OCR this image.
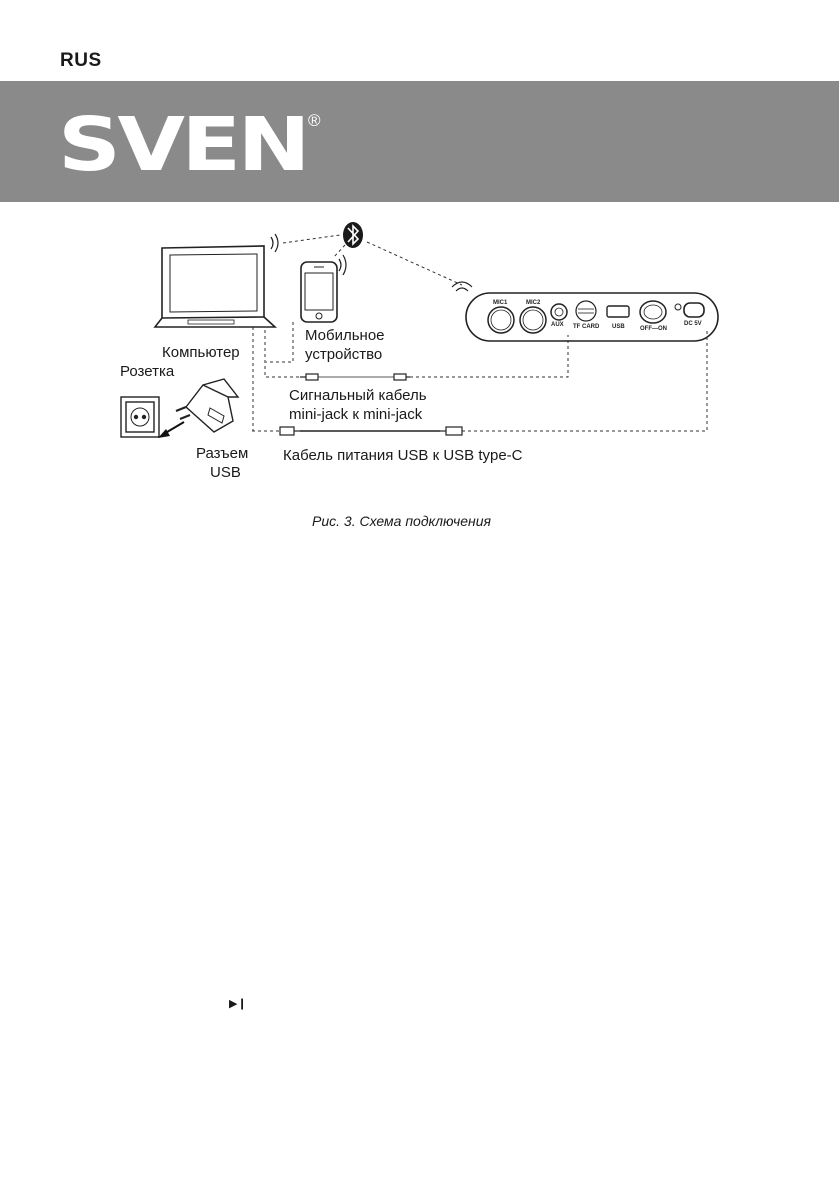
RUS
SVEN ®
MIC1	MIC2
AUX TF CARD USB	OFF—ON
DC 5V
Компьютер
Мобильное
устройство
Розетка
Сигнальный кабель
mini-jack к mini-jack
Разъем
USB
Кабель питания USB к USB type-C
Рис. 3. Схема подключения
▶❙
